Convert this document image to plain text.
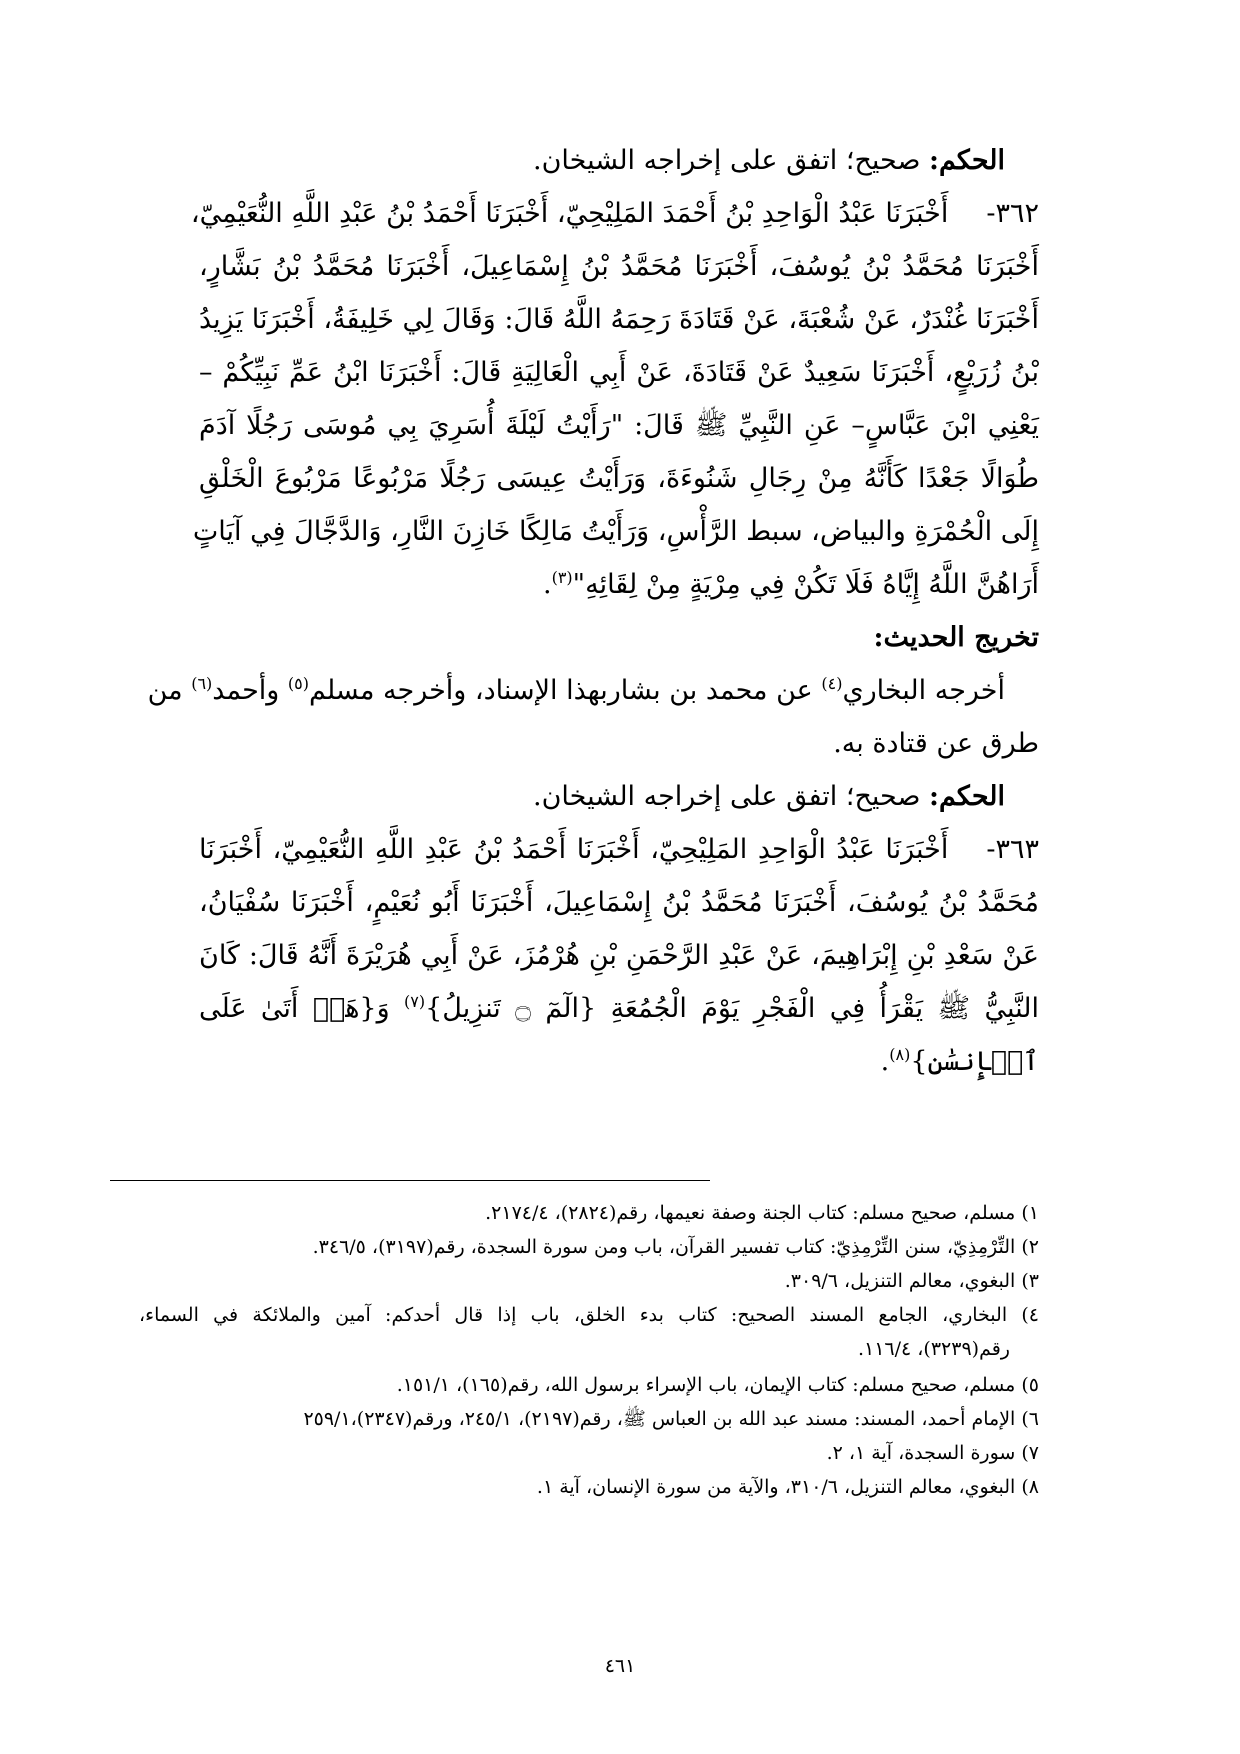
الحكم: صحيح؛ اتفق على إخراجه الشيخان.
٣٦٢-أَخْبَرَنَا عَبْدُ الْوَاحِدِ بْنُ أَحْمَدَ المَلِيْحِيّ، أَخْبَرَنَا أَحْمَدُ بْنُ عَبْدِ اللَّهِ النُّعَيْمِيّ،
أَخْبَرَنَا مُحَمَّدُ بْنُ يُوسُفَ، أَخْبَرَنَا مُحَمَّدُ بْنُ إِسْمَاعِيلَ، أَخْبَرَنَا مُحَمَّدُ بْنُ بَشَّارٍ،
أَخْبَرَنَا غُنْدَرٌ، عَنْ شُعْبَةَ، عَنْ قَتَادَةَ رَحِمَهُ اللَّهُ قَالَ: وَقَالَ لِي خَلِيفَةُ، أَخْبَرَنَا يَزِيدُ
بْنُ زُرَيْعٍ، أَخْبَرَنَا سَعِيدٌ عَنْ قَتَادَةَ، عَنْ أَبِي الْعَالِيَةِ قَالَ: أَخْبَرَنَا ابْنُ عَمِّ نَبِيِّكُمْ –
يَعْنِي ابْنَ عَبَّاسٍ– عَنِ النَّبِيِّ ﷺ قَالَ: "رَأَيْتُ لَيْلَةَ أُسَرِيَ بِي مُوسَى رَجُلًا آدَمَ
طُوَالًا جَعْدًا كَأَنَّهُ مِنْ رِجَالِ شَنُوءَةَ، وَرَأَيْتُ عِيسَى رَجُلًا مَرْبُوعًا مَرْبُوعَ الْخَلْقِ
إِلَى الْحُمْرَةِ والبياض، سبط الرَّأْسِ، وَرَأَيْتُ مَالِكًا خَازِنَ النَّارِ، وَالدَّجَّالَ فِي آيَاتٍ
أَرَاهُنَّ اللَّهُ إِيَّاهُ فَلَا تَكُنْ فِي مِرْيَةٍ مِنْ لِقَائِهِ"$^{(٣)}$.
تخريج الحديث:
أخرجه البخاري$^{(٤)}$ عن محمد بن بشاربهذا الإسناد، وأخرجه مسلم$^{(٥)}$ وأحمد$^{(٦)}$ من
طرق عن قتادة به.
الحكم: صحيح؛ اتفق على إخراجه الشيخان.
٣٦٣-أَخْبَرَنَا عَبْدُ الْوَاحِدِ المَلِيْحِيّ، أَخْبَرَنَا أَحْمَدُ بْنُ عَبْدِ اللَّهِ النُّعَيْمِيّ، أَخْبَرَنَا
مُحَمَّدُ بْنُ يُوسُفَ، أَخْبَرَنَا مُحَمَّدُ بْنُ إِسْمَاعِيلَ، أَخْبَرَنَا أَبُو نُعَيْمٍ، أَخْبَرَنَا سُفْيَانُ،
عَنْ سَعْدِ بْنِ إِبْرَاهِيمَ، عَنْ عَبْدِ الرَّحْمَنِ بْنِ هُرْمُزَ، عَنْ أَبِي هُرَيْرَةَ أَنَّهُ قَالَ: كَانَ
النَّبِيُّ ﷺ يَقْرَأُ فِي الْفَجْرِ يَوْمَ الْجُمُعَةِ {الٓمٓ ۝ تَنزِيلُ}$^{(٧)}$ وَ{هَلۡ أَتَىٰ عَلَى
ٱلۡإِنسَٰنِ}$^{(٨)}$.
١) مسلم، صحيح مسلم: كتاب الجنة وصفة نعيمها، رقم(٢٨٢٤)، ٢١٧٤/٤.
٢) التِّرْمِذِيّ، سنن التِّرْمِذِيّ: كتاب تفسير القرآن، باب ومن سورة السجدة، رقم(٣١٩٧)، ٣٤٦/٥.
٣) البغوي، معالم التنزيل، ٣٠٩/٦.
٤) البخاري، الجامع المسند الصحيح: كتاب بدء الخلق، باب إذا قال أحدكم: آمين والملائكة في السماء،
رقم(٣٢٣٩)، ١١٦/٤.
٥) مسلم، صحيح مسلم: كتاب الإيمان، باب الإسراء برسول الله، رقم(١٦٥)، ١٥١/١.
٦) الإمام أحمد، المسند: مسند عبد الله بن العباس ﷺ، رقم(٢١٩٧)، ٢٤٥/١، ورقم(٢٣٤٧)،٢٥٩/١
٧) سورة السجدة، آية ١، ٢.
٨) البغوي، معالم التنزيل، ٣١٠/٦، والآية من سورة الإنسان، آية ١.
٤٦١
